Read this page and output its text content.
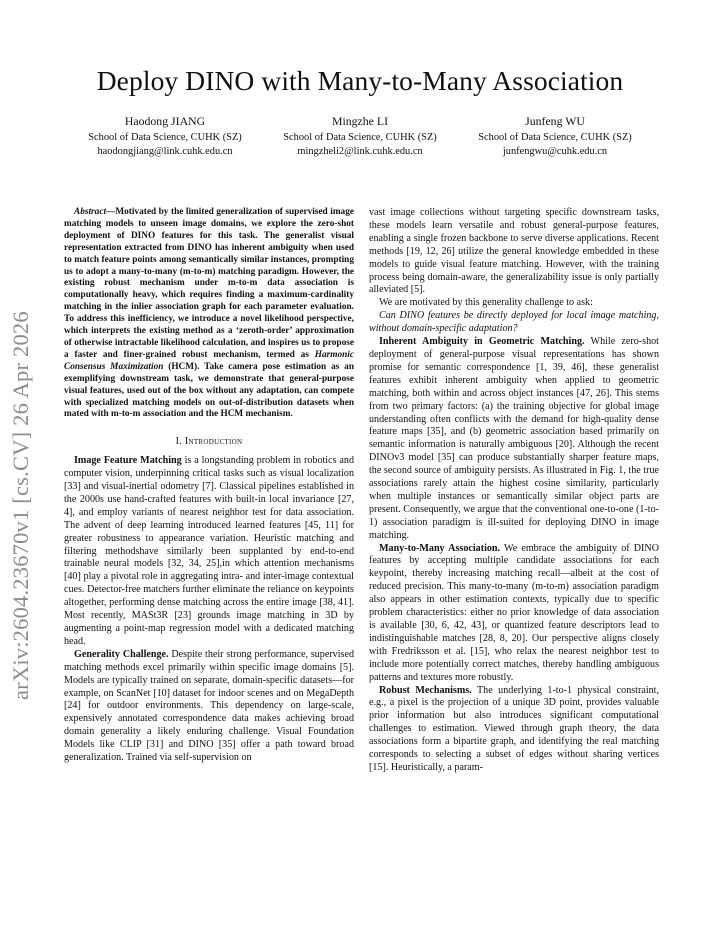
arXiv:2604.23670v1 [cs.CV] 26 Apr 2026
Deploy DINO with Many-to-Many Association
Haodong JIANG
School of Data Science, CUHK (SZ)
haodongjiang@link.cuhk.edu.cn
Mingzhe LI
School of Data Science, CUHK (SZ)
mingzheli2@link.cuhk.edu.cn
Junfeng WU
School of Data Science, CUHK (SZ)
junfengwu@cuhk.edu.cn

Abstract—Motivated by the limited generalization of supervised image matching models to unseen image domains, we explore the zero-shot deployment of DINO features for this task. The generalist visual representation extracted from DINO has inherent ambiguity when used to match feature points among semantically similar instances, prompting us to adopt a many-to-many (m-to-m) matching paradigm. However, the existing robust mechanism under m-to-m data association is computationally heavy, which requires finding a maximum-cardinality matching in the inlier association graph for each parameter evaluation. To address this inefficiency, we introduce a novel likelihood perspective, which interprets the existing method as a ‘zeroth-order’ approximation of otherwise intractable likelihood calculation, and inspires us to propose a faster and finer-grained robust mechanism, termed as Harmonic Consensus Maximization (HCM). Take camera pose estimation as an exemplifying downstream task, we demonstrate that general-purpose visual features, used out of the box without any adaptation, can compete with specialized matching models on out-of-distribution datasets when mated with m-to-m association and the HCM mechanism.

I. Introduction

Image Feature Matching is a longstanding problem in robotics and computer vision, underpinning critical tasks such as visual localization [33] and visual-inertial odometry [7]. Classical pipelines established in the 2000s use hand-crafted features with built-in local invariance [27, 4], and employ variants of nearest neighbor test for data association. The advent of deep learning introduced learned features [45, 11] for greater robustness to appearance variation. Heuristic matching and filtering methodshave similarly been supplanted by end-to-end trainable neural models [32, 34, 25],in which attention mechanisms [40] play a pivotal role in aggregating intra- and inter-image contextual cues. Detector-free matchers further eliminate the reliance on keypoints altogether, performing dense matching across the entire image [38, 41]. Most recently, MASt3R [23] grounds image matching in 3D by augmenting a point-map regression model with a dedicated matching head.

Generality Challenge. Despite their strong performance, supervised matching methods excel primarily within specific image domains [5]. Models are typically trained on separate, domain-specific datasets—for example, on ScanNet [10] dataset for indoor scenes and on MegaDepth [24] for outdoor environments. This dependency on large-scale, expensively annotated correspondence data makes achieving broad domain generality a likely enduring challenge. Visual Foundation Models like CLIP [31] and DINO [35] offer a path toward broad generalization. Trained via self-supervision on

vast image collections without targeting specific downstream tasks, these models learn versatile and robust general-purpose features, enabling a single frozen backbone to serve diverse applications. Recent methods [19, 12, 26] utilize the general knowledge embedded in these models to guide visual feature matching. However, with the training process being domain-aware, the generalizability issue is only partially alleviated [5].

We are motivated by this generality challenge to ask:

Can DINO features be directly deployed for local image matching, without domain-specific adaptation?

Inherent Ambiguity in Geometric Matching. While zero-shot deployment of general-purpose visual representations has shown promise for semantic correspondence [1, 39, 46], these generalist features exhibit inherent ambiguity when applied to geometric matching, both within and across object instances [47, 26]. This stems from two primary factors: (a) the training objective for global image understanding often conflicts with the demand for high-quality dense feature maps [35], and (b) geometric association based primarily on semantic information is naturally ambiguous [20]. Although the recent DINOv3 model [35] can produce substantially sharper feature maps, the second source of ambiguity persists. As illustrated in Fig. 1, the true associations rarely attain the highest cosine similarity, particularly when multiple instances or semantically similar object parts are present. Consequently, we argue that the conventional one-to-one (1-to-1) association paradigm is ill-suited for deploying DINO in image matching.

Many-to-Many Association. We embrace the ambiguity of DINO features by accepting multiple candidate associations for each keypoint, thereby increasing matching recall—albeit at the cost of reduced precision. This many-to-many (m-to-m) association paradigm also appears in other estimation contexts, typically due to specific problem characteristics: either no prior knowledge of data association is available [30, 6, 42, 43], or quantized feature descriptors lead to indistinguishable matches [28, 8, 20]. Our perspective aligns closely with Fredriksson et al. [15], who relax the nearest neighbor test to include more potentially correct matches, thereby handling ambiguous patterns and textures more robustly.

Robust Mechanisms. The underlying 1-to-1 physical constraint, e.g., a pixel is the projection of a unique 3D point, provides valuable prior information but also introduces significant computational challenges to estimation. Viewed through graph theory, the data associations form a bipartite graph, and identifying the real matching corresponds to selecting a subset of edges without sharing vertices [15]. Heuristically, a param-
